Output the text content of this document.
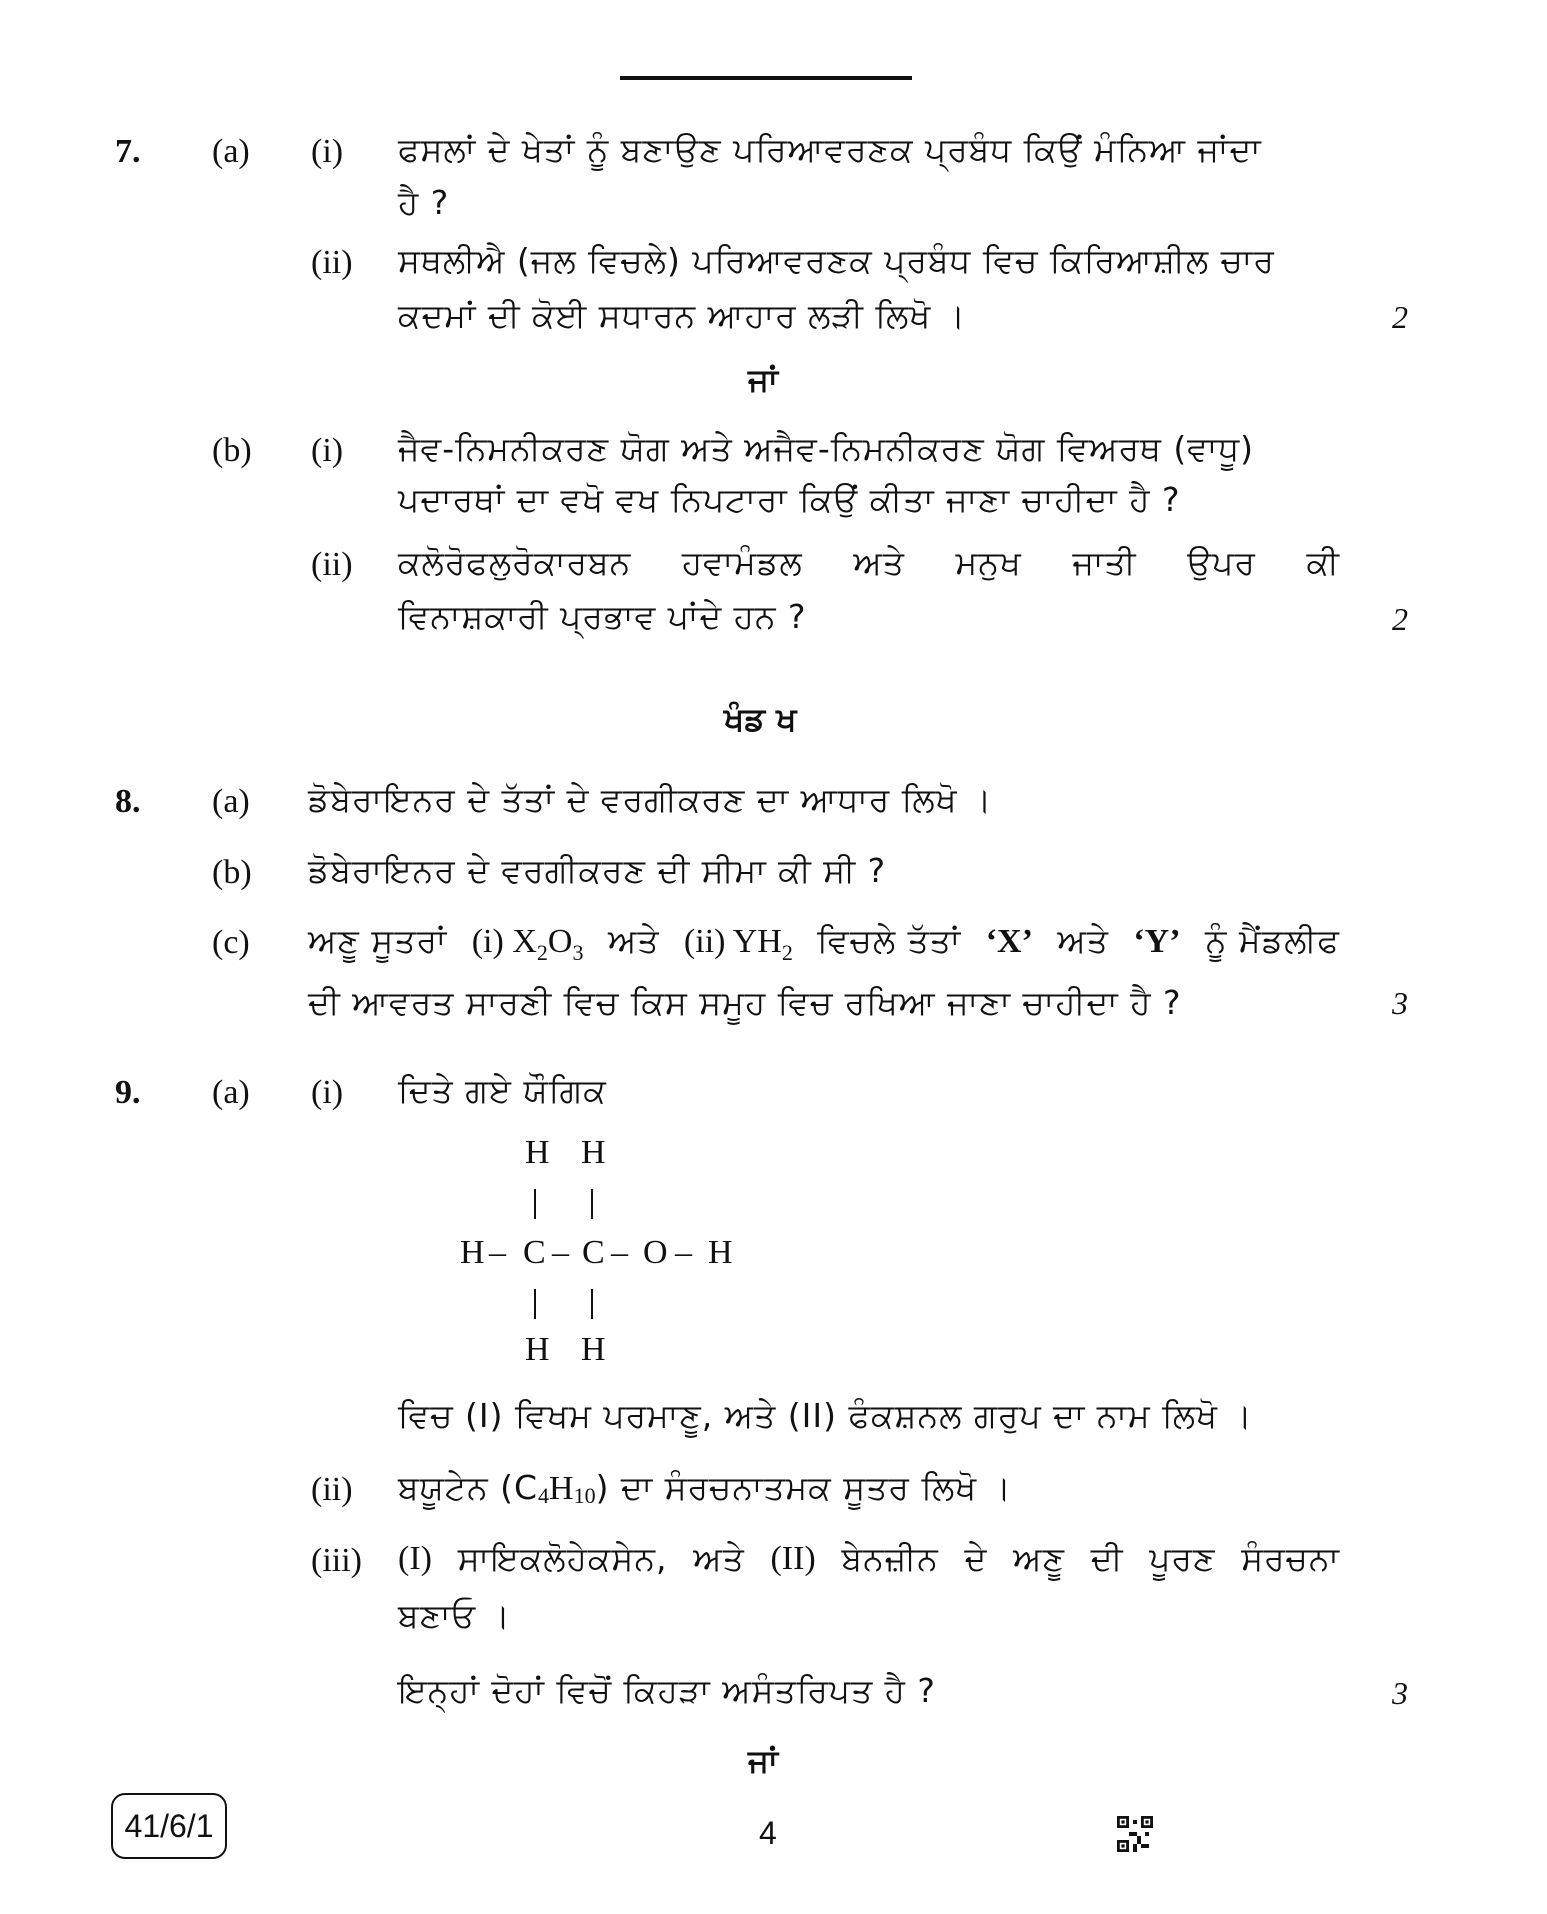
7. (a) (i) ਫਸਲਾਂ ਦੇ ਖੇਤਾਂ ਨੂੰ ਬਣਾਉਣ ਪਰਿਆਵਰਣਕ ਪ੍ਰਬੰਧ ਕਿਉਂ ਮੰਨਿਆ ਜਾਂਦਾ
ਹੈ ?
(ii) ਸਥਲੀਐ (ਜਲ ਵਿਚਲੇ) ਪਰਿਆਵਰਣਕ ਪ੍ਰਬੰਧ ਵਿਚ ਕਿਰਿਆਸ਼ੀਲ ਚਾਰ
ਕਦਮਾਂ ਦੀ ਕੋਈ ਸਧਾਰਨ ਆਹਾਰ ਲੜੀ ਲਿਖੋ ।	2
ਜਾਂ
(b) (i) ਜੈਵ-ਨਿਮਨੀਕਰਣ ਯੋਗ ਅਤੇ ਅਜੈਵ-ਨਿਮਨੀਕਰਣ ਯੋਗ ਵਿਅਰਥ (ਵਾਧੂ)
ਪਦਾਰਥਾਂ ਦਾ ਵਖੋ ਵਖ ਨਿਪਟਾਰਾ ਕਿਉਂ ਕੀਤਾ ਜਾਣਾ ਚਾਹੀਦਾ ਹੈ ?
(ii) ਕਲੋਰੋਫਲੁਰੋਕਾਰਬਨ ਹਵਾਮੰਡਲ ਅਤੇ ਮਨੁਖ ਜਾਤੀ ਉਪਰ ਕੀ
ਵਿਨਾਸ਼ਕਾਰੀ ਪ੍ਰਭਾਵ ਪਾਂਦੇ ਹਨ ?	2
ਖੰਡ ਖ
8. (a) ਡੋਬੇਰਾਇਨਰ ਦੇ ਤੱਤਾਂ ਦੇ ਵਰਗੀਕਰਣ ਦਾ ਆਧਾਰ ਲਿਖੋ ।
(b) ਡੋਬੇਰਾਇਨਰ ਦੇ ਵਰਗੀਕਰਣ ਦੀ ਸੀਮਾ ਕੀ ਸੀ ?
(c) ਅਣੂ ਸੂਤਰਾਂ (i) $X_2O_3$ ਅਤੇ (ii) $YH_2$ ਵਿਚਲੇ ਤੱਤਾਂ ‘X’ ਅਤੇ ‘Y’ ਨੂੰ ਮੈਂਡਲੀਫ
ਦੀ ਆਵਰਤ ਸਾਰਣੀ ਵਿਚ ਕਿਸ ਸਮੂਹ ਵਿਚ ਰਖਿਆ ਜਾਣਾ ਚਾਹੀਦਾ ਹੈ ?	3
9. (a) (i) ਦਿਤੇ ਗਏ ਯੌਗਿਕ
H H
H – C – C – O – H
H H
ਵਿਚ (I) ਵਿਖਮ ਪਰਮਾਣੂ, ਅਤੇ (II) ਫੰਕਸ਼ਨਲ ਗਰੁਪ ਦਾ ਨਾਮ ਲਿਖੋ ।
(ii) ਬਯੂਟੇਨ $(C_4H_{10})$ ਦਾ ਸੰਰਚਨਾਤਮਕ ਸੂਤਰ ਲਿਖੋ ।
(iii) (I) ਸਾਇਕਲੋਹੇਕਸੇਨ, ਅਤੇ (II) ਬੇਨਜ਼ੀਨ ਦੇ ਅਣੂ ਦੀ ਪੂਰਣ ਸੰਰਚਨਾ
ਬਣਾਓ ।
ਇਨ੍ਹਾਂ ਦੋਹਾਂ ਵਿਚੋਂ ਕਿਹੜਾ ਅਸੰਤਰਿਪਤ ਹੈ ?	3
ਜਾਂ
41/6/1	4
